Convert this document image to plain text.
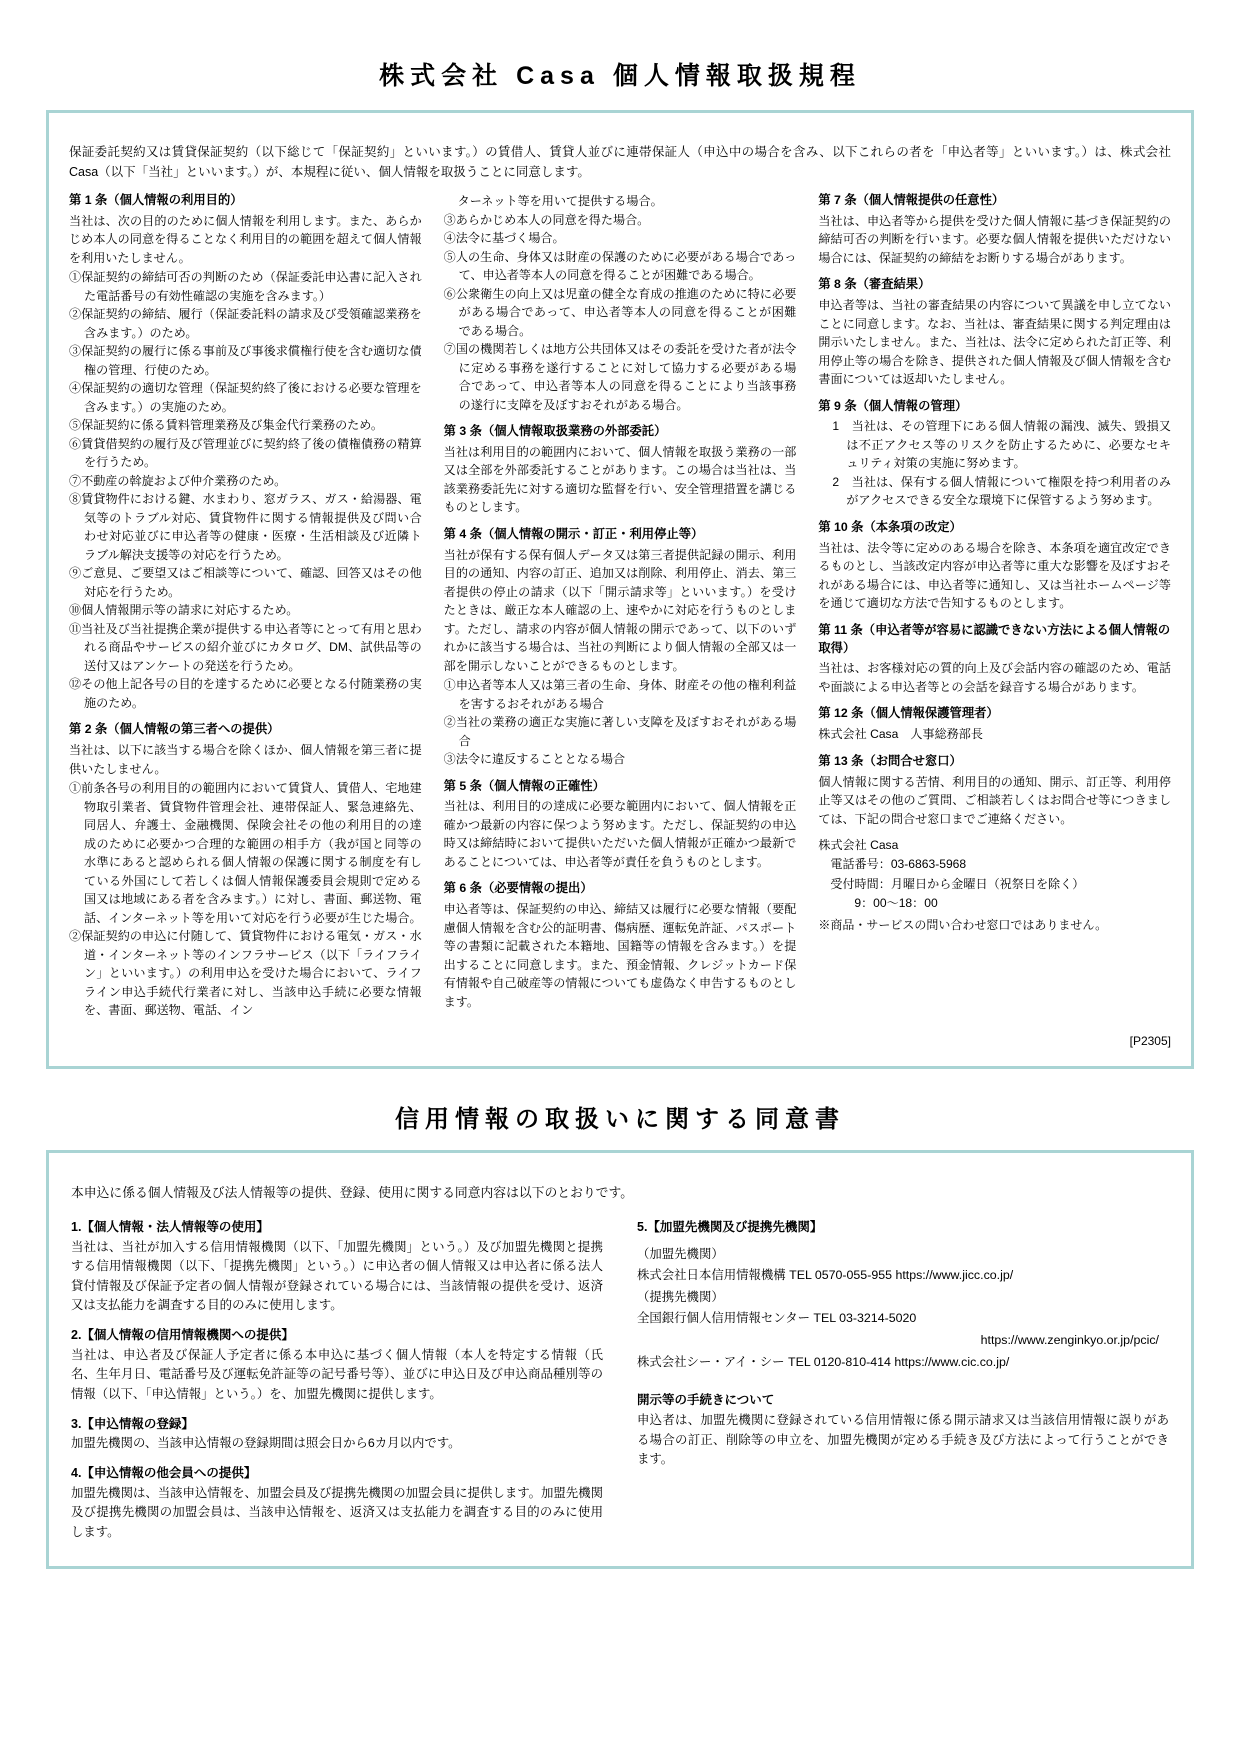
株式会社 Casa 個人情報取扱規程

保証委託契約又は賃貸保証契約（以下総じて「保証契約」といいます。）の賃借人、賃貸人並びに連帯保証人（申込中の場合を含み、以下これらの者を「申込者等」といいます。）は、株式会社 Casa（以下「当社」といいます。）が、本規程に従い、個人情報を取扱うことに同意します。

第 1 条（個人情報の利用目的）

当社は、次の目的のために個人情報を利用します。また、あらかじめ本人の同意を得ることなく利用目的の範囲を超えて個人情報を利用いたしません。

①保証契約の締結可否の判断のため（保証委託申込書に記入された電話番号の有効性確認の実施を含みます。）

②保証契約の締結、履行（保証委託料の請求及び受領確認業務を含みます。）のため。

③保証契約の履行に係る事前及び事後求償権行使を含む適切な債権の管理、行使のため。

④保証契約の適切な管理（保証契約終了後における必要な管理を含みます。）の実施のため。

⑤保証契約に係る賃料管理業務及び集金代行業務のため。

⑥賃貸借契約の履行及び管理並びに契約終了後の債権債務の精算を行うため。

⑦不動産の斡旋および仲介業務のため。

⑧賃貸物件における鍵、水まわり、窓ガラス、ガス・給湯器、電気等のトラブル対応、賃貸物件に関する情報提供及び問い合わせ対応並びに申込者等の健康・医療・生活相談及び近隣トラブル解決支援等の対応を行うため。

⑨ご意見、ご要望又はご相談等について、確認、回答又はその他対応を行うため。

⑩個人情報開示等の請求に対応するため。

⑪当社及び当社提携企業が提供する申込者等にとって有用と思われる商品やサービスの紹介並びにカタログ、DM、試供品等の送付又はアンケートの発送を行うため。

⑫その他上記各号の目的を達するために必要となる付随業務の実施のため。

第 2 条（個人情報の第三者への提供）

当社は、以下に該当する場合を除くほか、個人情報を第三者に提供いたしません。

①前条各号の利用目的の範囲内において賃貸人、賃借人、宅地建物取引業者、賃貸物件管理会社、連帯保証人、緊急連絡先、同居人、弁護士、金融機関、保険会社その他の利用目的の達成のために必要かつ合理的な範囲の相手方（我が国と同等の水準にあると認められる個人情報の保護に関する制度を有している外国にして若しくは個人情報保護委員会規則で定める国又は地域にある者を含みます。）に対し、書面、郵送物、電話、インターネット等を用いて対応を行う必要が生じた場合。

②保証契約の申込に付随して、賃貸物件における電気・ガス・水道・インターネット等のインフラサービス（以下「ライフライン」といいます。）の利用申込を受けた場合において、ライフライン申込手続代行業者に対し、当該申込手続に必要な情報を、書面、郵送物、電話、イン

ターネット等を用いて提供する場合。

③あらかじめ本人の同意を得た場合。

④法令に基づく場合。

⑤人の生命、身体又は財産の保護のために必要がある場合であって、申込者等本人の同意を得ることが困難である場合。

⑥公衆衛生の向上又は児童の健全な育成の推進のために特に必要がある場合であって、申込者等本人の同意を得ることが困難である場合。

⑦国の機関若しくは地方公共団体又はその委託を受けた者が法令に定める事務を遂行することに対して協力する必要がある場合であって、申込者等本人の同意を得ることにより当該事務の遂行に支障を及ぼすおそれがある場合。

第 3 条（個人情報取扱業務の外部委託）

当社は利用目的の範囲内において、個人情報を取扱う業務の一部又は全部を外部委託することがあります。この場合は当社は、当該業務委託先に対する適切な監督を行い、安全管理措置を講じるものとします。

第 4 条（個人情報の開示・訂正・利用停止等）

当社が保有する保有個人データ又は第三者提供記録の開示、利用目的の通知、内容の訂正、追加又は削除、利用停止、消去、第三者提供の停止の請求（以下「開示請求等」といいます。）を受けたときは、厳正な本人確認の上、速やかに対応を行うものとします。ただし、請求の内容が個人情報の開示であって、以下のいずれかに該当する場合は、当社の判断により個人情報の全部又は一部を開示しないことができるものとします。

①申込者等本人又は第三者の生命、身体、財産その他の権利利益を害するおそれがある場合

②当社の業務の適正な実施に著しい支障を及ぼすおそれがある場合

③法令に違反することとなる場合

第 5 条（個人情報の正確性）

当社は、利用目的の達成に必要な範囲内において、個人情報を正確かつ最新の内容に保つよう努めます。ただし、保証契約の申込時又は締結時において提供いただいた個人情報が正確かつ最新であることについては、申込者等が責任を負うものとします。

第 6 条（必要情報の提出）

申込者等は、保証契約の申込、締結又は履行に必要な情報（要配慮個人情報を含む公的証明書、傷病歴、運転免許証、パスポート等の書類に記載された本籍地、国籍等の情報を含みます。）を提出することに同意します。また、預金情報、クレジットカード保有情報や自己破産等の情報についても虚偽なく申告するものとします。

第 7 条（個人情報提供の任意性）

当社は、申込者等から提供を受けた個人情報に基づき保証契約の締結可否の判断を行います。必要な個人情報を提供いただけない場合には、保証契約の締結をお断りする場合があります。

第 8 条（審査結果）

申込者等は、当社の審査結果の内容について異議を申し立てないことに同意します。なお、当社は、審査結果に関する判定理由は開示いたしません。また、当社は、法令に定められた訂正等、利用停止等の場合を除き、提供された個人情報及び個人情報を含む書面については返却いたしません。

第 9 条（個人情報の管理）

1　当社は、その管理下にある個人情報の漏洩、滅失、毀損又は不正アクセス等のリスクを防止するために、必要なセキュリティ対策の実施に努めます。

2　当社は、保有する個人情報について権限を持つ利用者のみがアクセスできる安全な環境下に保管するよう努めます。

第 10 条（本条項の改定）

当社は、法令等に定めのある場合を除き、本条項を適宜改定できるものとし、当該改定内容が申込者等に重大な影響を及ぼすおそれがある場合には、申込者等に通知し、又は当社ホームページ等を通じて適切な方法で告知するものとします。

第 11 条（申込者等が容易に認識できない方法による個人情報の取得）

当社は、お客様対応の質的向上及び会話内容の確認のため、電話や面談による申込者等との会話を録音する場合があります。

第 12 条（個人情報保護管理者）

株式会社 Casa　人事総務部長

第 13 条（お問合せ窓口）

個人情報に関する苦情、利用目的の通知、開示、訂正等、利用停止等又はその他のご質問、ご相談若しくはお問合せ等につきましては、下記の問合せ窓口までご連絡ください。

株式会社 Casa

電話番号：03-6863-5968

受付時間：月曜日から金曜日（祝祭日を除く）

9：00～18：00

※商品・サービスの問い合わせ窓口ではありません。

[P2305]
信用情報の取扱いに関する同意書

本申込に係る個人情報及び法人情報等の提供、登録、使用に関する同意内容は以下のとおりです。

1.【個人情報・法人情報等の使用】

当社は、当社が加入する信用情報機関（以下、「加盟先機関」という。）及び加盟先機関と提携する信用情報機関（以下、「提携先機関」という。）に申込者の個人情報又は申込者に係る法人貸付情報及び保証予定者の個人情報が登録されている場合には、当該情報の提供を受け、返済又は支払能力を調査する目的のみに使用します。

2.【個人情報の信用情報機関への提供】

当社は、申込者及び保証人予定者に係る本申込に基づく個人情報（本人を特定する情報（氏名、生年月日、電話番号及び運転免許証等の記号番号等）、並びに申込日及び申込商品種別等の情報（以下、「申込情報」という。）を、加盟先機関に提供します。

3.【申込情報の登録】

加盟先機関の、当該申込情報の登録期間は照会日から6カ月以内です。

4.【申込情報の他会員への提供】

加盟先機関は、当該申込情報を、加盟会員及び提携先機関の加盟会員に提供します。加盟先機関及び提携先機関の加盟会員は、当該申込情報を、返済又は支払能力を調査する目的のみに使用します。

5.【加盟先機関及び提携先機関】

（加盟先機関）

株式会社日本信用情報機構 TEL 0570-055-955 https://www.jicc.co.jp/

（提携先機関）

全国銀行個人信用情報センター TEL 03-3214-5020

https://www.zenginkyo.or.jp/pcic/

株式会社シー・アイ・シー TEL 0120-810-414 https://www.cic.co.jp/

開示等の手続きについて

申込者は、加盟先機関に登録されている信用情報に係る開示請求又は当該信用情報に誤りがある場合の訂正、削除等の申立を、加盟先機関が定める手続き及び方法によって行うことができます。
